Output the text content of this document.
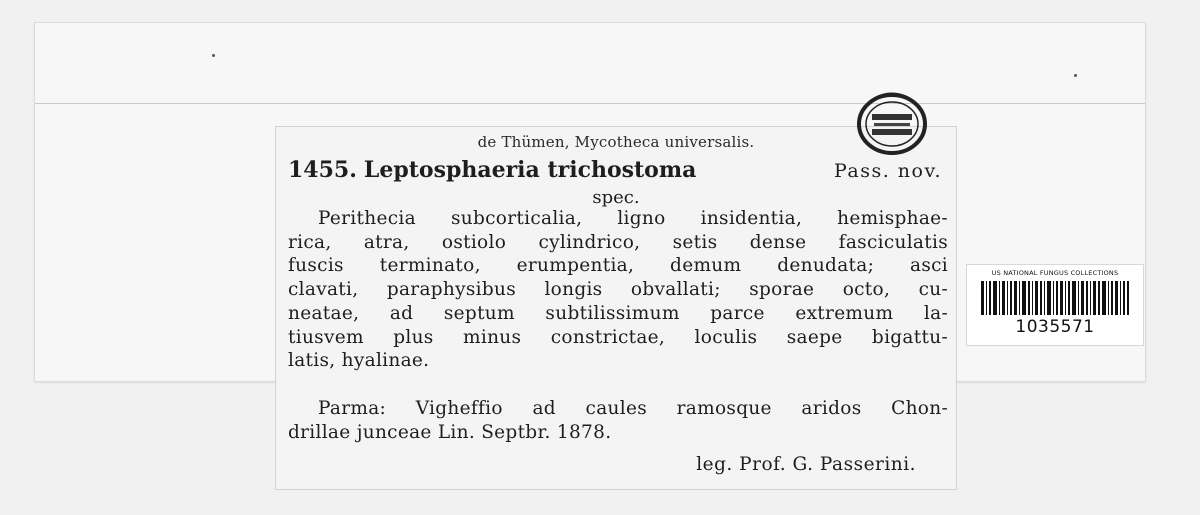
de Thümen, Mycotheca universalis.
1455. Leptosphaeria trichostoma	Pass. nov.
spec.
Perithecia subcorticalia, ligno insidentia, hemisphae-
rica, atra, ostiolo cylindrico, setis dense fasciculatis
fuscis terminato, erumpentia, demum denudata; asci
clavati, paraphysibus longis obvallati; sporae octo, cu-
neatae, ad septum subtilissimum parce extremum la-
tiusvem plus minus constrictae, loculis saepe bigattu-
latis, hyalinae.
Parma: Vigheffio ad caules ramosque aridos Chon-
drillae junceae Lin. Septbr. 1878.
leg. Prof. G. Passerini.
US NATIONAL FUNGUS COLLECTIONS
1035571
